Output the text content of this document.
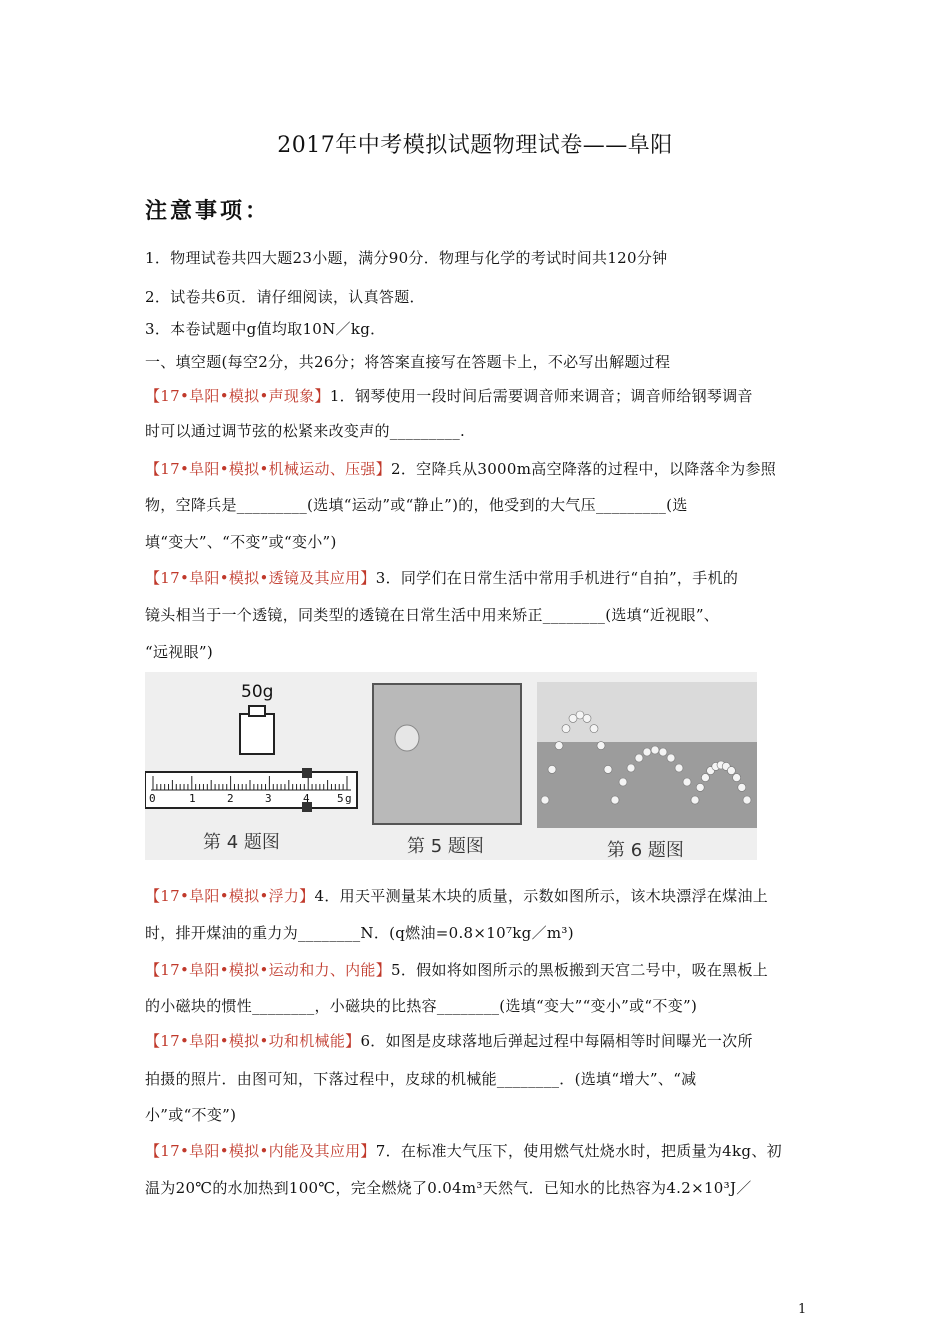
2017年中考模拟试题物理试卷——阜阳
注意事项：
1．物理试卷共四大题23小题，满分90分．物理与化学的考试时间共120分钟
2．试卷共6页．请仔细阅读，认真答题．
3．本卷试题中g值均取10N／kg．
一、填空题(每空2分，共26分；将答案直接写在答题卡上，不必写出解题过程
【17•阜阳•模拟•声现象】1．钢琴使用一段时间后需要调音师来调音；调音师给钢琴调音
时可以通过调节弦的松紧来改变声的_________.
【17•阜阳•模拟•机械运动、压强】2．空降兵从3000m高空降落的过程中，以降落伞为参照
物，空降兵是_________(选填“运动”或“静止”)的，他受到的大气压_________(选
填“变大”、“不变”或“变小”)
【17•阜阳•模拟•透镜及其应用】3．同学们在日常生活中常用手机进行“自拍”，手机的
镜头相当于一个透镜，同类型的透镜在日常生活中用来矫正________(选填“近视眼”、
“远视眼”)
50g
0	1	2	3	4 5 g
第 4 题图	第 5 题图	第 6 题图
【17•阜阳•模拟•浮力】4．用天平测量某木块的质量，示数如图所示，该木块漂浮在煤油上
时，排开煤油的重力为________N．(q燃油=0.8×10⁷kg／m³)
【17•阜阳•模拟•运动和力、内能】5．假如将如图所示的黑板搬到天宫二号中，吸在黑板上
的小磁块的惯性________，小磁块的比热容________(选填“变大”“变小”或“不变”)
【17•阜阳•模拟•功和机械能】6．如图是皮球落地后弹起过程中每隔相等时间曝光一次所
拍摄的照片．由图可知，下落过程中，皮球的机械能________．(选填“增大”、“减
小”或“不变”)
【17•阜阳•模拟•内能及其应用】7．在标准大气压下，使用燃气灶烧水时，把质量为4kg、初
温为20℃的水加热到100℃，完全燃烧了0.04m³天然气．已知水的比热容为4.2×10³J／
1
